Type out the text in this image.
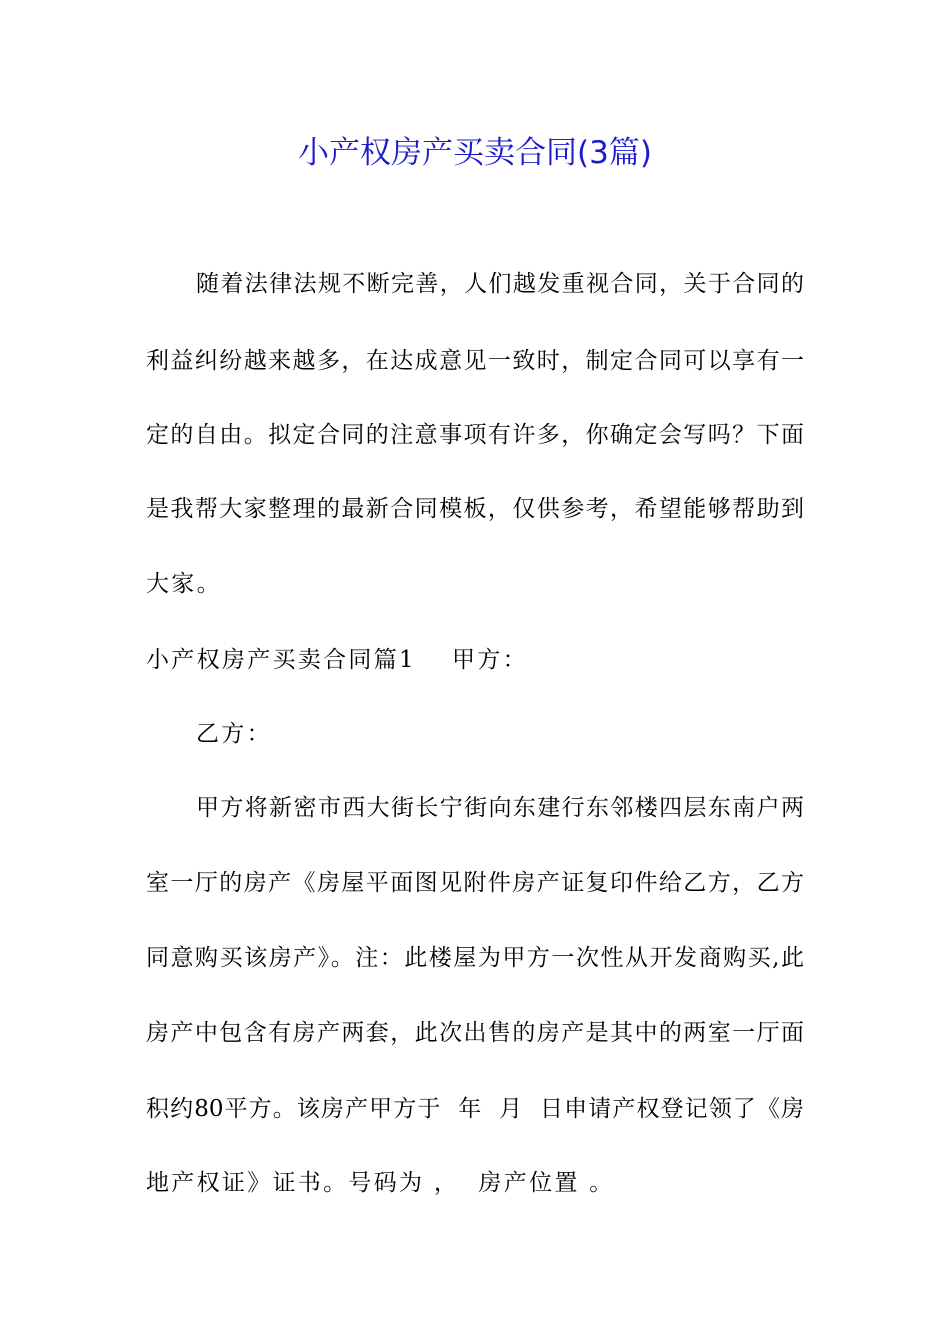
小产权房产买卖合同(3篇)
随着法律法规不断完善，人们越发重视合同，关于合同的
利益纠纷越来越多，在达成意见一致时，制定合同可以享有一
定的自由。拟定合同的注意事项有许多，你确定会写吗？下面
是我帮大家整理的最新合同模板，仅供参考，希望能够帮助到
大家。
小产权房产买卖合同篇1 甲方：
乙方：
甲方将新密市西大街长宁街向东建行东邻楼四层东南户两
室一厅的房产《房屋平面图见附件房产证复印件给乙方，乙方
同意购买该房产》。注：此楼屋为甲方一次性从开发商购买,此
房产中包含有房产两套，此次出售的房产是其中的两室一厅面
积约80平方。该房产甲方于  年  月  日申请产权登记领了《房
地产权证》证书。号码为 ，  房产位置 。
